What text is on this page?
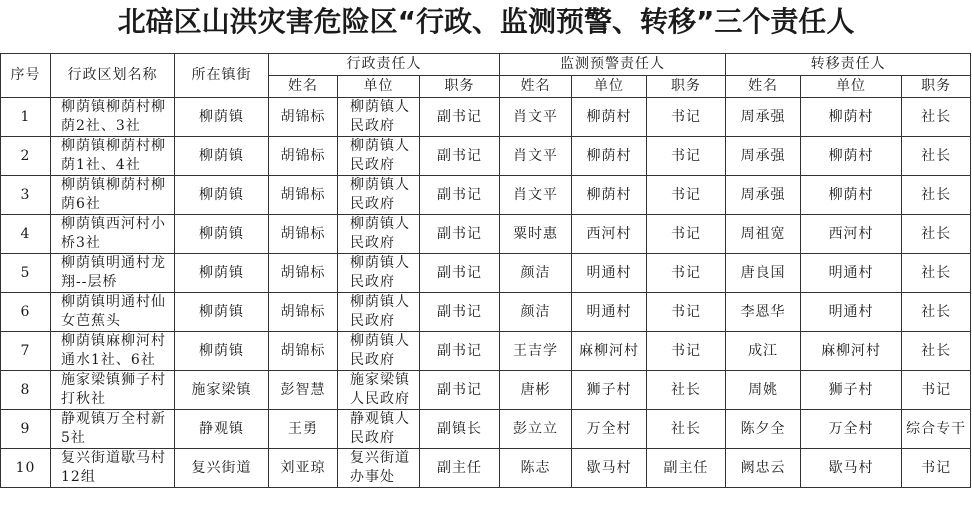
北碚区山洪灾害危险区“行政、监测预警、转移”三个责任人
序号	行政区划名称	所在镇街	行政责任人			监测预警责任人			转移责任人		
			姓名	单位	职务	姓名	单位	职务	姓名	单位	职务
1	柳荫镇柳荫村柳荫2社、3社	柳荫镇	胡锦标	柳荫镇人民政府	副书记	肖文平	柳荫村	书记	周承强	柳荫村	社长
2	柳荫镇柳荫村柳荫1社、4社	柳荫镇	胡锦标	柳荫镇人民政府	副书记	肖文平	柳荫村	书记	周承强	柳荫村	社长
3	柳荫镇柳荫村柳荫6社	柳荫镇	胡锦标	柳荫镇人民政府	副书记	肖文平	柳荫村	书记	周承强	柳荫村	社长
4	柳荫镇西河村小桥3社	柳荫镇	胡锦标	柳荫镇人民政府	副书记	粟时惠	西河村	书记	周祖宽	西河村	社长
5	柳荫镇明通村龙翔--层桥	柳荫镇	胡锦标	柳荫镇人民政府	副书记	颜洁	明通村	书记	唐良国	明通村	社长
6	柳荫镇明通村仙女芭蕉头	柳荫镇	胡锦标	柳荫镇人民政府	副书记	颜洁	明通村	书记	李恩华	明通村	社长
7	柳荫镇麻柳河村通水1社、6社	柳荫镇	胡锦标	柳荫镇人民政府	副书记	王吉学	麻柳河村	书记	成江	麻柳河村	社长
8	施家梁镇狮子村打秋社	施家梁镇	彭智慧	施家梁镇人民政府	副书记	唐彬	狮子村	社长	周姚	狮子村	书记
9	静观镇万全村新5社	静观镇	王勇	静观镇人民政府	副镇长	彭立立	万全村	社长	陈夕全	万全村	综合专干
10	复兴街道歇马村12组	复兴街道	刘亚琼	复兴街道办事处	副主任	陈志	歇马村	副主任	阙忠云	歇马村	书记
